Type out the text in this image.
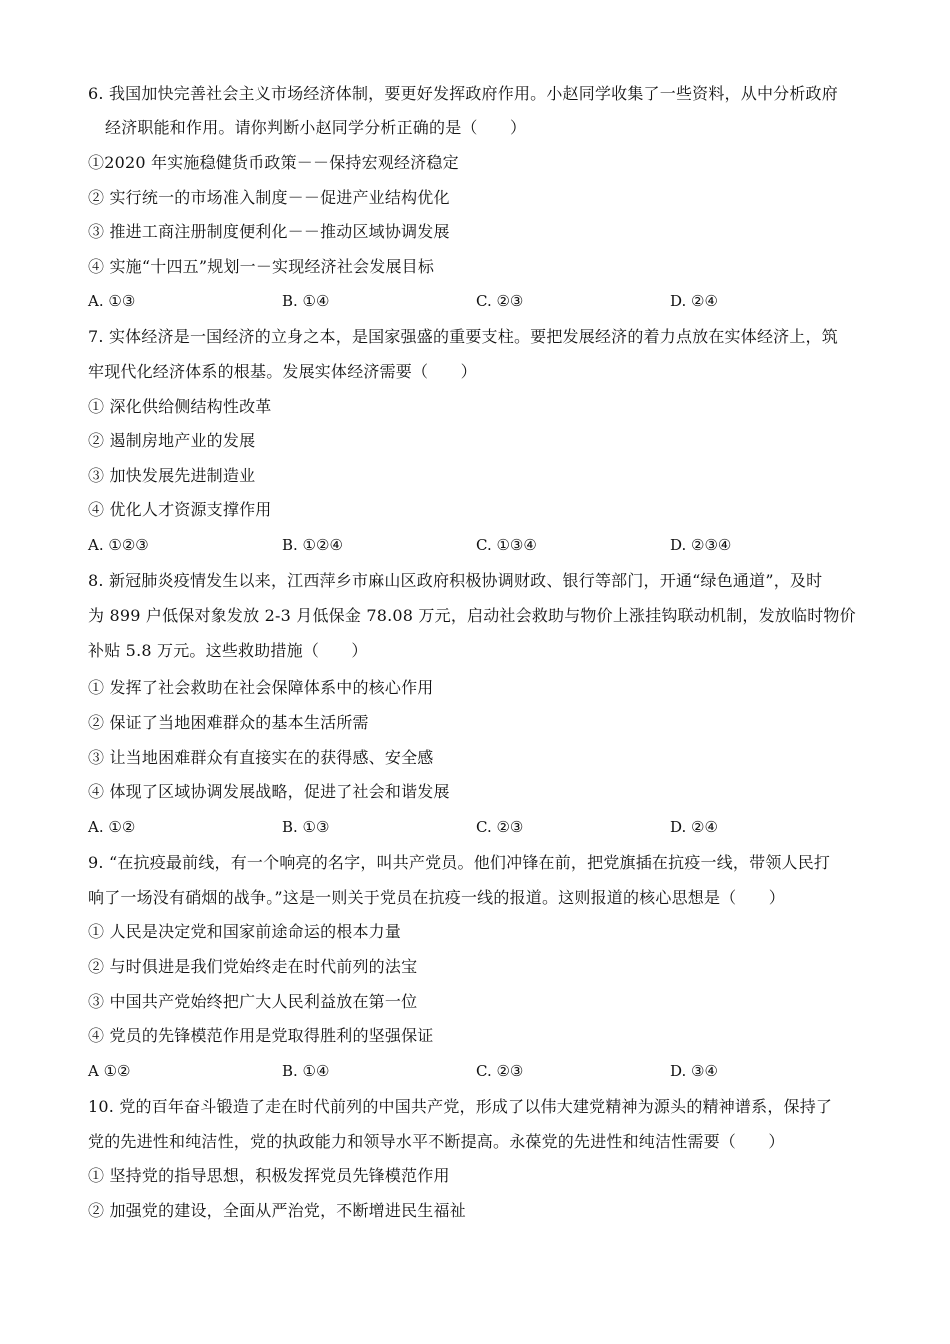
6. 我国加快完善社会主义市场经济体制，要更好发挥政府作用。小赵同学收集了一些资料，从中分析政府
经济职能和作用。请你判断小赵同学分析正确的是（　　）
①2020 年实施稳健货币政策－－保持宏观经济稳定
② 实行统一的市场准入制度－－促进产业结构优化
③ 推进工商注册制度便利化－－推动区域协调发展
④ 实施“十四五”规划一－实现经济社会发展目标
A. ①③	B. ①④	C. ②③	D. ②④
7. 实体经济是一国经济的立身之本，是国家强盛的重要支柱。要把发展经济的着力点放在实体经济上，筑
牢现代化经济体系的根基。发展实体经济需要（　　）
① 深化供给侧结构性改革
② 遏制房地产业的发展
③ 加快发展先进制造业
④ 优化人才资源支撑作用
A. ①②③	B. ①②④	C. ①③④	D. ②③④
8. 新冠肺炎疫情发生以来，江西萍乡市麻山区政府积极协调财政、银行等部门，开通“绿色通道”，及时
为 899 户低保对象发放 2-3 月低保金 78.08 万元，启动社会救助与物价上涨挂钩联动机制，发放临时物价
补贴 5.8 万元。这些救助措施（　　）
① 发挥了社会救助在社会保障体系中的核心作用
② 保证了当地困难群众的基本生活所需
③ 让当地困难群众有直接实在的获得感、安全感
④ 体现了区域协调发展战略，促进了社会和谐发展
A. ①②	B. ①③	C. ②③	D. ②④
9. “在抗疫最前线，有一个响亮的名字，叫共产党员。他们冲锋在前，把党旗插在抗疫一线，带领人民打
响了一场没有硝烟的战争。”这是一则关于党员在抗疫一线的报道。这则报道的核心思想是（　　）
① 人民是决定党和国家前途命运的根本力量
② 与时俱进是我们党始终走在时代前列的法宝
③ 中国共产党始终把广大人民利益放在第一位
④ 党员的先锋模范作用是党取得胜利的坚强保证
A ①②	B. ①④	C. ②③	D. ③④
10. 党的百年奋斗锻造了走在时代前列的中国共产党，形成了以伟大建党精神为源头的精神谱系，保持了
党的先进性和纯洁性，党的执政能力和领导水平不断提高。永葆党的先进性和纯洁性需要（　　）
① 坚持党的指导思想，积极发挥党员先锋模范作用
② 加强党的建设，全面从严治党，不断增进民生福祉
